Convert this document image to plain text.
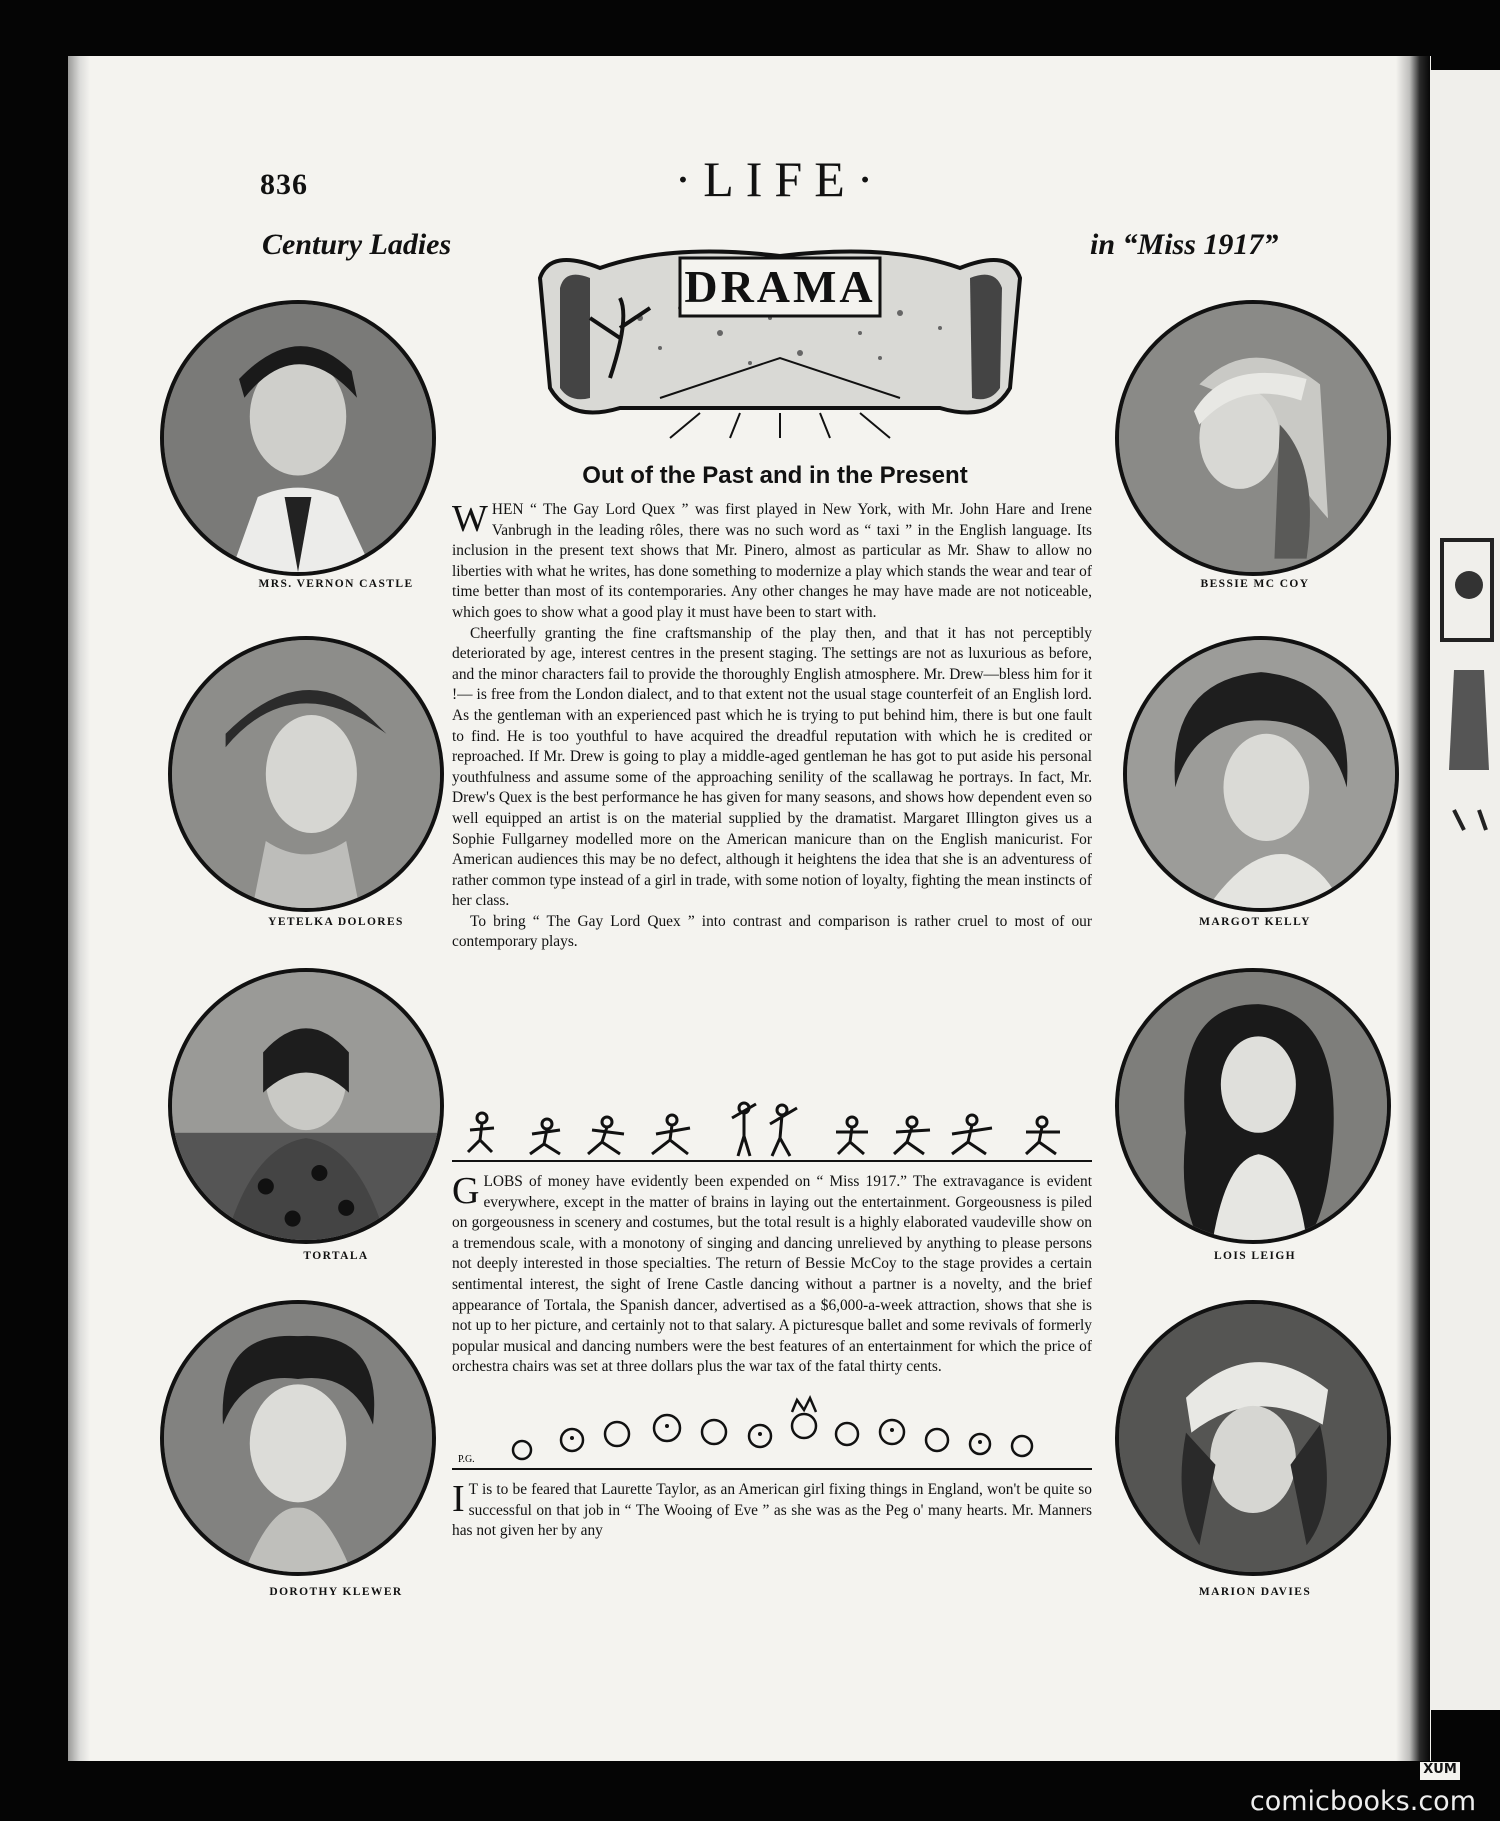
836	·LIFE·
Century Ladies	in “Miss 1917”
DRAMA
MRS. VERNON CASTLE
YETELKA DOLORES
TORTALA
DOROTHY KLEWER
BESSIE MC COY
MARGOT KELLY
LOIS LEIGH
MARION DAVIES
Out of the Past and in the Present

WHEN “ The Gay Lord Quex ” was first played in New York, with Mr. John Hare and Irene Vanbrugh in the leading rôles, there was no such word as “ taxi ” in the English language. Its inclusion in the present text shows that Mr. Pinero, almost as particular as Mr. Shaw to allow no liberties with what he writes, has done something to modernize a play which stands the wear and tear of time better than most of its contemporaries. Any other changes he may have made are not noticeable, which goes to show what a good play it must have been to start with.

Cheerfully granting the fine craftsmanship of the play then, and that it has not perceptibly deteriorated by age, interest centres in the present staging. The settings are not as luxurious as before, and the minor characters fail to provide the thoroughly English atmosphere. Mr. Drew—bless him for it !— is free from the London dialect, and to that extent not the usual stage counterfeit of an English lord. As the gentleman with an experienced past which he is trying to put behind him, there is but one fault to find. He is too youthful to have acquired the dreadful reputation with which he is credited or reproached. If Mr. Drew is going to play a middle-aged gentleman he has got to put aside his personal youthfulness and assume some of the approaching senility of the scallawag he portrays. In fact, Mr. Drew's Quex is the best performance he has given for many seasons, and shows how dependent even so well equipped an artist is on the material supplied by the dramatist. Margaret Illington gives us a Sophie Fullgarney modelled more on the American manicure than on the English manicurist. For American audiences this may be no defect, although it heightens the idea that she is an adventuress of rather common type instead of a girl in trade, with some notion of loyalty, fighting the mean instincts of her class.

To bring “ The Gay Lord Quex ” into contrast and comparison is rather cruel to most of our contemporary plays.

GLOBS of money have evidently been expended on “ Miss 1917.” The extravagance is evident everywhere, except in the matter of brains in laying out the entertainment. Gorgeousness is piled on gorgeousness in scenery and costumes, but the total result is a highly elaborated vaudeville show on a tremendous scale, with a monotony of singing and dancing unrelieved by anything to please persons not deeply interested in those specialties. The return of Bessie McCoy to the stage provides a certain sentimental interest, the sight of Irene Castle dancing without a partner is a novelty, and the brief appearance of Tortala, the Spanish dancer, advertised as a $6,000-a-week attraction, shows that she is not up to her picture, and certainly not to that salary. A picturesque ballet and some revivals of formerly popular musical and dancing numbers were the best features of an entertainment for which the price of orchestra chairs was set at three dollars plus the war tax of the fatal thirty cents.

P.G.

I T is to be feared that Laurette Taylor, as an American girl fixing things in England, won't be quite so successful on that job in “ The Wooing of Eve ” as she was as the Peg o' many hearts. Mr. Manners has not given her by any

comicbooks.com
XUM
